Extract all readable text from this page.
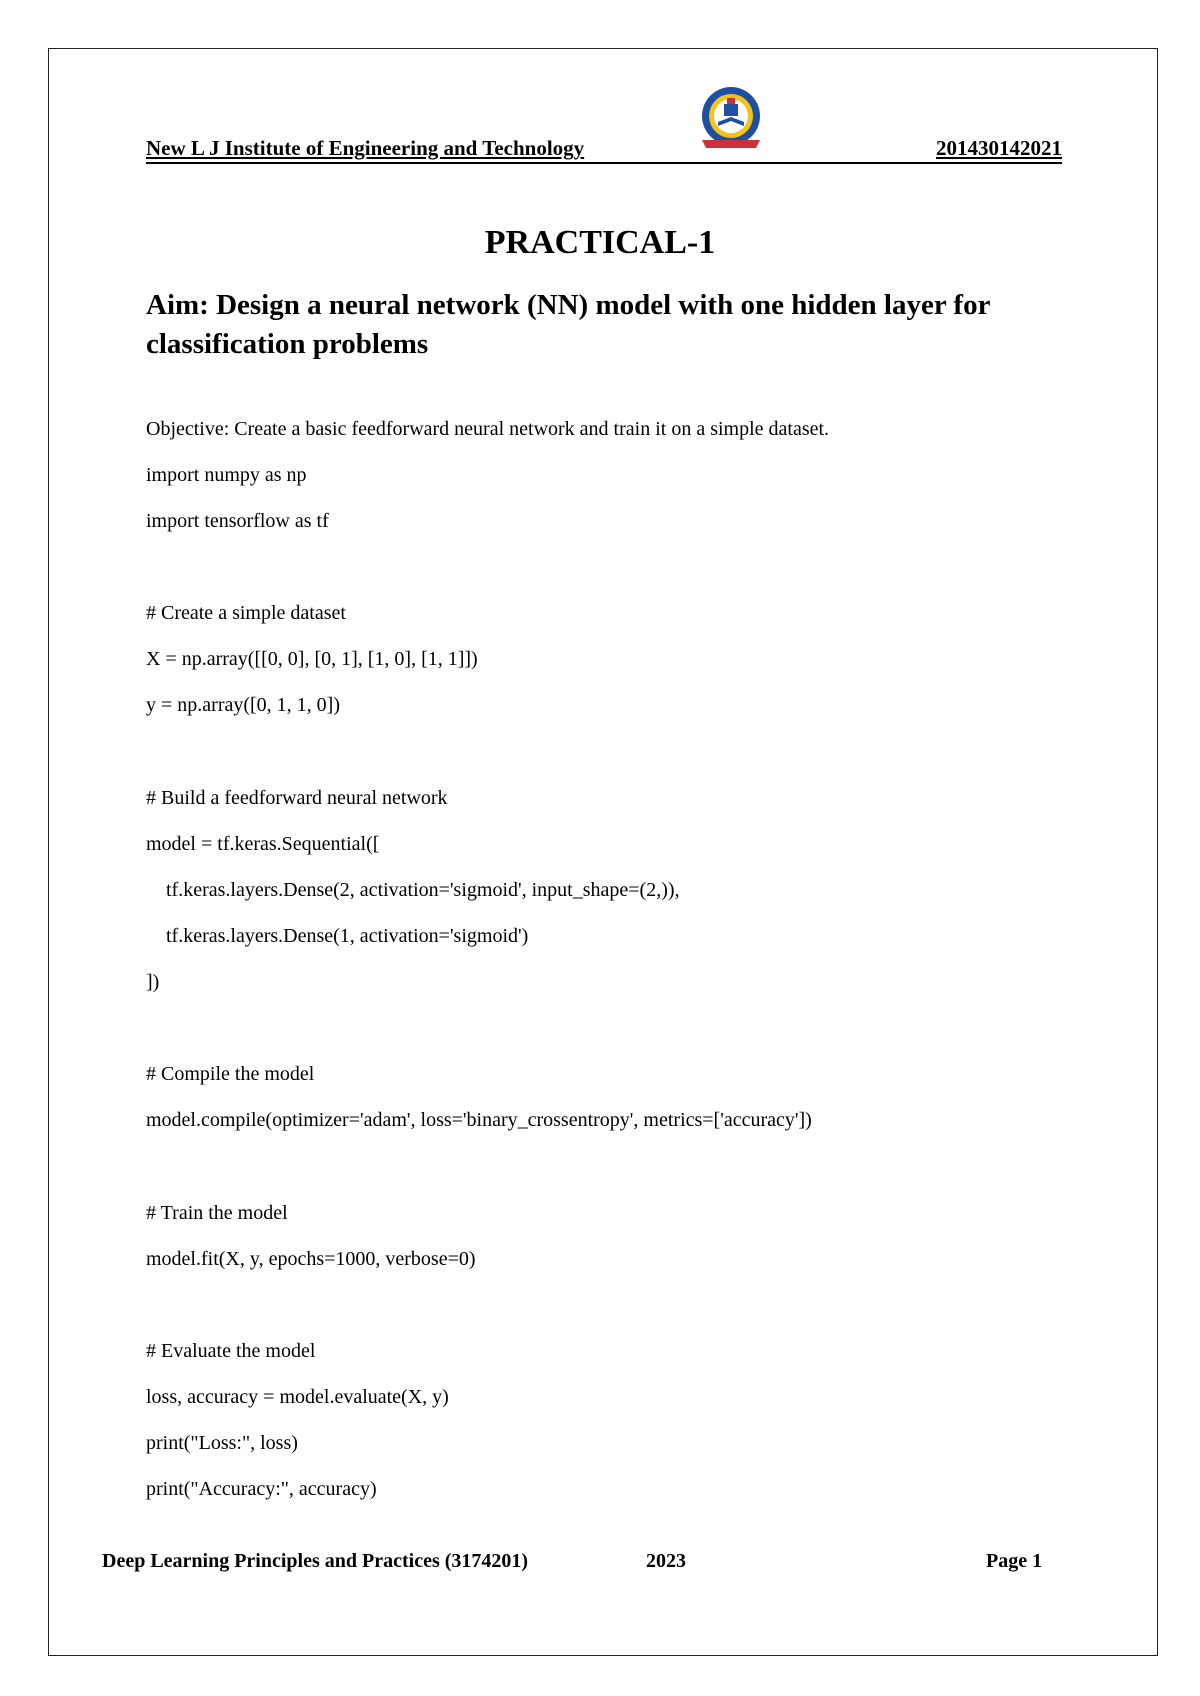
New L J Institute of Engineering and Technology	201430142021
PRACTICAL-1
Aim: Design a neural network (NN) model with one hidden layer for classification problems
Objective: Create a basic feedforward neural network and train it on a simple dataset.
import numpy as np
import tensorflow as tf
# Create a simple dataset
X = np.array([[0, 0], [0, 1], [1, 0], [1, 1]])
y = np.array([0, 1, 1, 0])
# Build a feedforward neural network
model = tf.keras.Sequential([
tf.keras.layers.Dense(2, activation='sigmoid', input_shape=(2,)),
tf.keras.layers.Dense(1, activation='sigmoid')
])
# Compile the model
model.compile(optimizer='adam', loss='binary_crossentropy', metrics=['accuracy'])
# Train the model
model.fit(X, y, epochs=1000, verbose=0)
# Evaluate the model
loss, accuracy = model.evaluate(X, y)
print("Loss:", loss)
print("Accuracy:", accuracy)
Deep Learning Principles and Practices (3174201)	2023	Page 1
